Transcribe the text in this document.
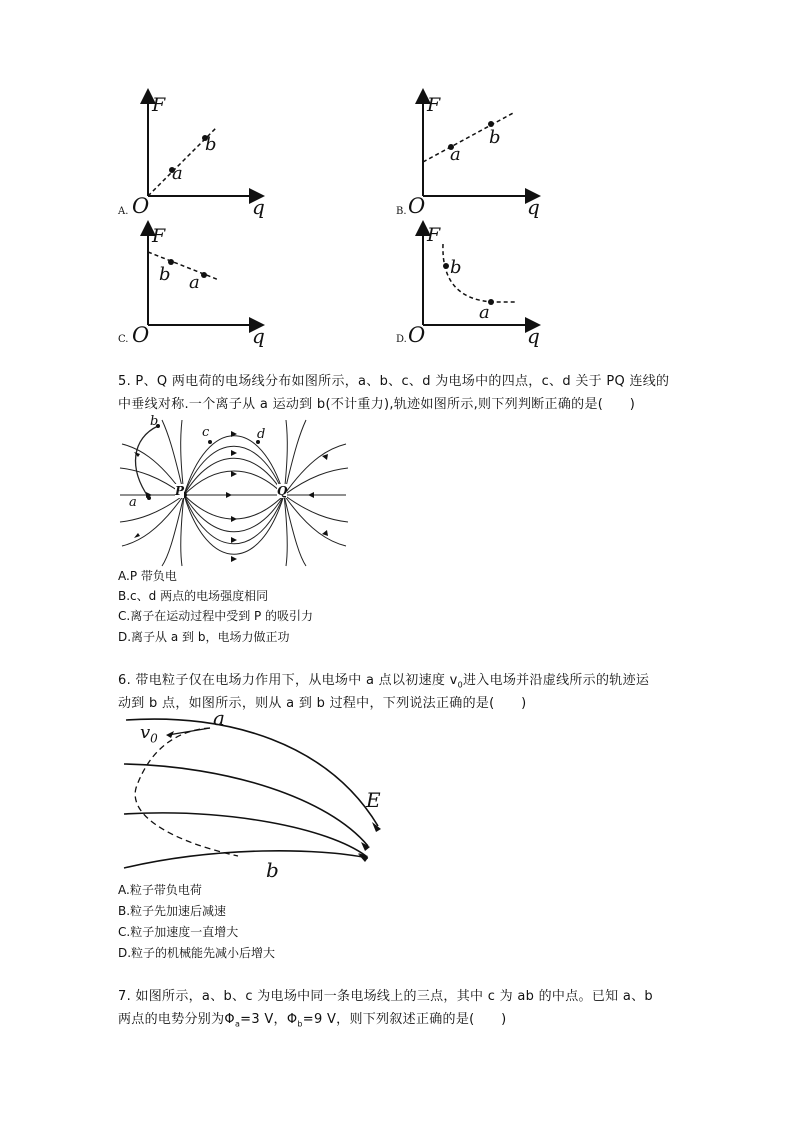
A.
F
q
O
a
b
B.
F
q
O
a
b
C.
F
q
O
b a
D.
F
q
O
b
a
5. P、Q 两电荷的电场线分布如图所示，a、b、c、d 为电场中的四点，c、d 关于 PQ 连线的
中垂线对称.一个离子从 a 运动到 b(不计重力),轨迹如图所示,则下列判断正确的是(　　)
P	Q
a
b
c	d
A.P 带负电
B.c、d 两点的电场强度相同
C.离子在运动过程中受到 P 的吸引力
D.离子从 a 到 b，电场力做正功
6. 带电粒子仅在电场力作用下，从电场中 a 点以初速度 $v_0$进入电场并沿虚线所示的轨迹运
动到 b 点，如图所示，则从 a 到 b 过程中，下列说法正确的是(　　)
a
$v_0$
E
b
A.粒子带负电荷
B.粒子先加速后减速
C.粒子加速度一直增大
D.粒子的机械能先减小后增大
7. 如图所示，a、b、c 为电场中同一条电场线上的三点，其中 c 为 ab 的中点。已知 a、b
两点的电势分别为$\Phi_a=3$ V，$\Phi_b=9$ V，则下列叙述正确的是(　　)
